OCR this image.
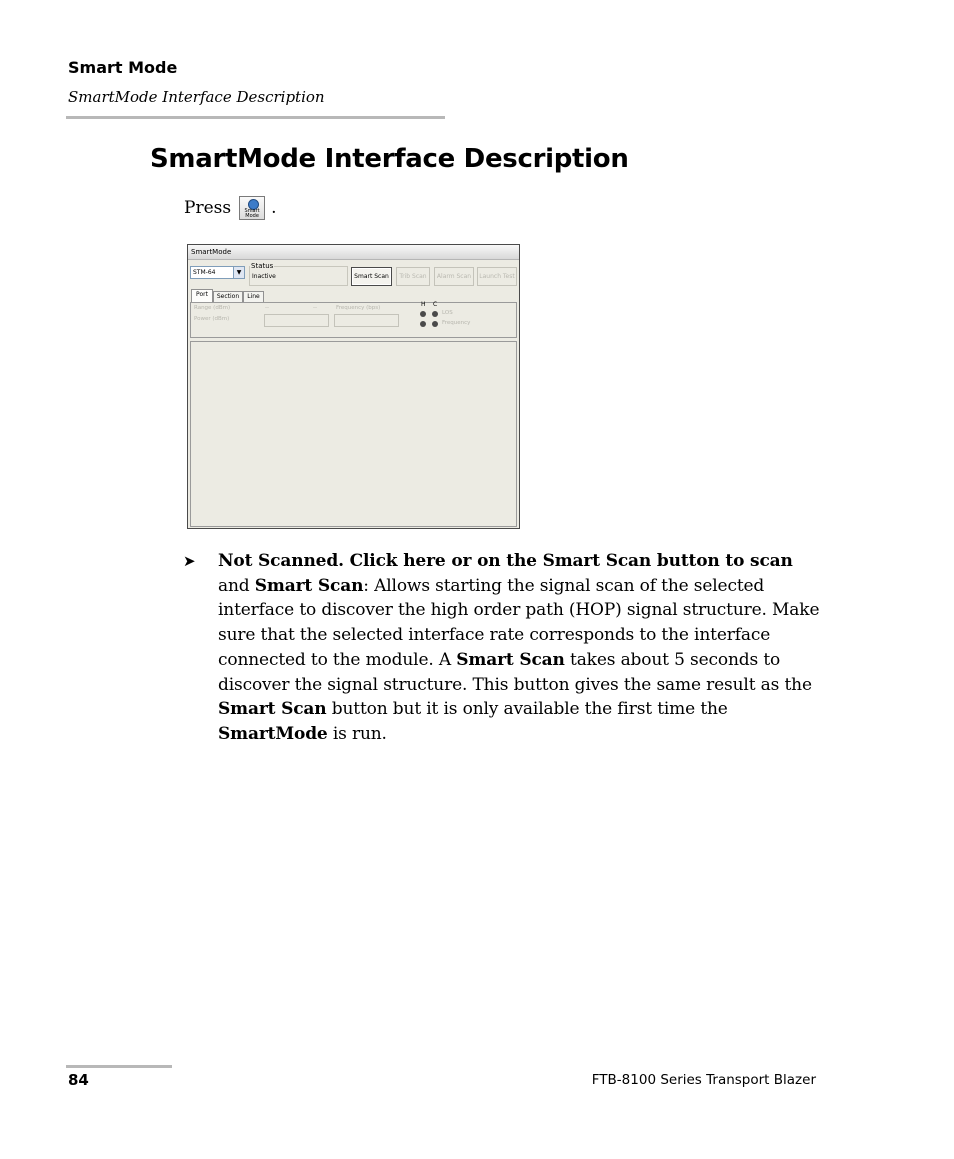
Smart Mode
SmartMode Interface Description
SmartMode Interface Description
Press	Smart Mode .
SmartMode
STM-64	▼
Status
Inactive	Smart Scan	Trib Scan	Alarm Scan	Launch Test
Port	Section	Line
Range (dBm)
Power (dBm)
--	--	Frequency (bps)	H C
LOS
Frequency
➤ Not Scanned. Click here or on the Smart Scan button to scan and Smart Scan: Allows starting the signal scan of the selected interface to discover the high order path (HOP) signal structure. Make sure that the selected interface rate corresponds to the interface connected to the module. A Smart Scan takes about 5 seconds to discover the signal structure. This button gives the same result as the Smart Scan button but it is only available the first time the SmartMode is run.
84	FTB-8100 Series Transport Blazer
